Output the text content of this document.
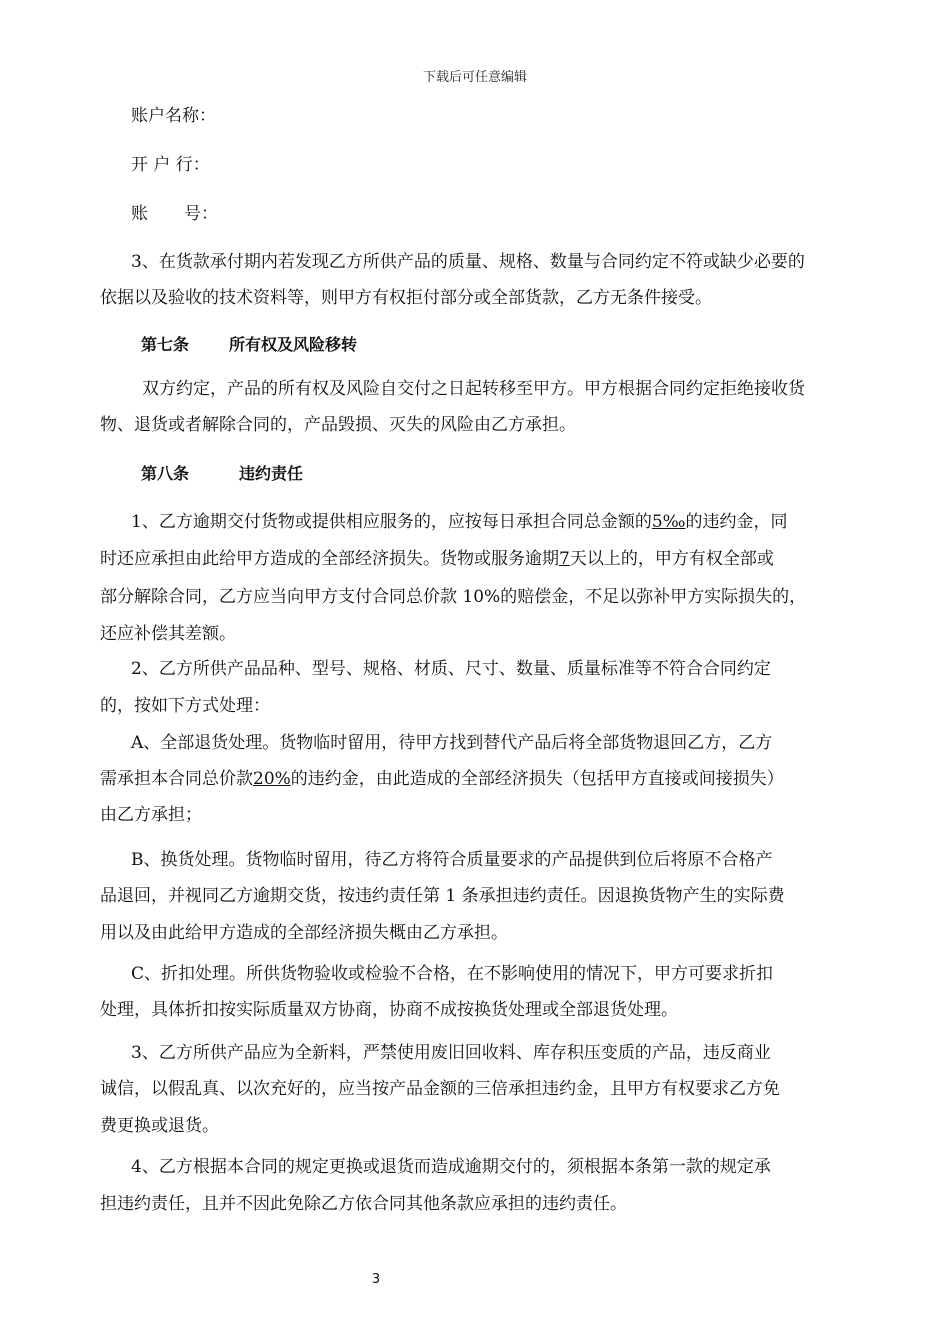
下载后可任意编辑
账户名称：
开 户 行：
账 号：
3、在货款承付期内若发现乙方所供产品的质量、规格、数量与合同约定不符或缺少必要的
依据以及验收的技术资料等，则甲方有权拒付部分或全部货款，乙方无条件接受。
第七条	所有权及风险移转
双方约定，产品的所有权及风险自交付之日起转移至甲方。甲方根据合同约定拒绝接收货
物、退货或者解除合同的，产品毁损、灭失的风险由乙方承担。
第八条	违约责任
1、乙方逾期交付货物或提供相应服务的，应按每日承担合同总金额的5‰的违约金，同
时还应承担由此给甲方造成的全部经济损失。货物或服务逾期7天以上的，甲方有权全部或
部分解除合同，乙方应当向甲方支付合同总价款 10%的赔偿金，不足以弥补甲方实际损失的，
还应补偿其差额。
2、乙方所供产品品种、型号、规格、材质、尺寸、数量、质量标准等不符合合同约定
的，按如下方式处理：
A、全部退货处理。货物临时留用，待甲方找到替代产品后将全部货物退回乙方，乙方
需承担本合同总价款20%的违约金，由此造成的全部经济损失（包括甲方直接或间接损失）
由乙方承担；
B、换货处理。货物临时留用，待乙方将符合质量要求的产品提供到位后将原不合格产
品退回，并视同乙方逾期交货，按违约责任第 1 条承担违约责任。因退换货物产生的实际费
用以及由此给甲方造成的全部经济损失概由乙方承担。
C、折扣处理。所供货物验收或检验不合格，在不影响使用的情况下，甲方可要求折扣
处理，具体折扣按实际质量双方协商，协商不成按换货处理或全部退货处理。
3、乙方所供产品应为全新料，严禁使用废旧回收料、库存积压变质的产品，违反商业
诚信，以假乱真、以次充好的，应当按产品金额的三倍承担违约金，且甲方有权要求乙方免
费更换或退货。
4、乙方根据本合同的规定更换或退货而造成逾期交付的，须根据本条第一款的规定承
担违约责任，且并不因此免除乙方依合同其他条款应承担的违约责任。
3
